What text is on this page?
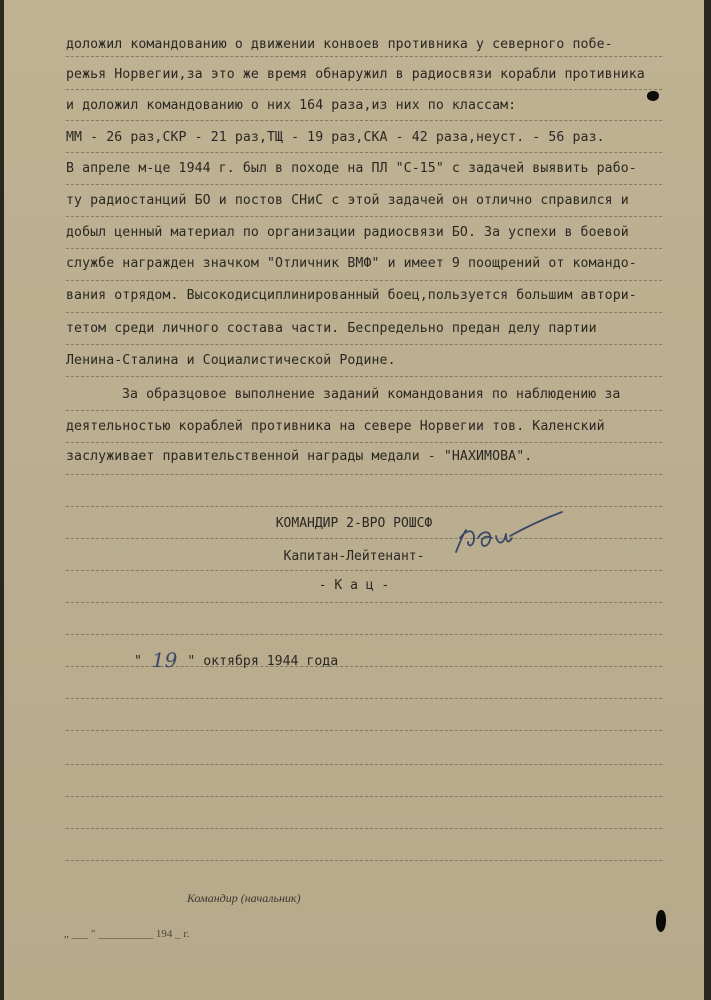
доложил командованию о движении конвоев противника у северного побе-
режья Норвегии,за это же время обнаружил в радиосвязи корабли противника
и доложил командованию о них 164 раза,из них по классам:
ММ - 26 раз,СКР - 21 раз,ТЩ - 19 раз,СКА - 42 раза,неуст. - 56 раз.
В апреле м-це 1944 г. был в походе на ПЛ "С-15" с задачей выявить рабо-
ту радиостанций БО и постов СНиС с этой задачей он отлично справился и
добыл ценный материал по организации радиосвязи БО. За успехи в боевой
службе награжден значком "Отличник ВМФ" и имеет 9 поощрений от командо-
вания отрядом. Высокодисциплинированный боец,пользуется большим автори-
тетом среди личного состава части. Беспредельно предан делу партии
Ленина-Сталина и Социалистической Родине.
За образцовое выполнение заданий командования по наблюдению за
деятельностью кораблей противника на севере Норвегии тов. Каленский
заслуживает правительственной награды медали - "НАХИМОВА".
КОМАНДИР 2-ВРО РОШСФ
Капитан-Лейтенант-
- К а ц -
" 19 " октября 1944 года
Командир (начальник)
„ ___ " __________ 194 _ г.
